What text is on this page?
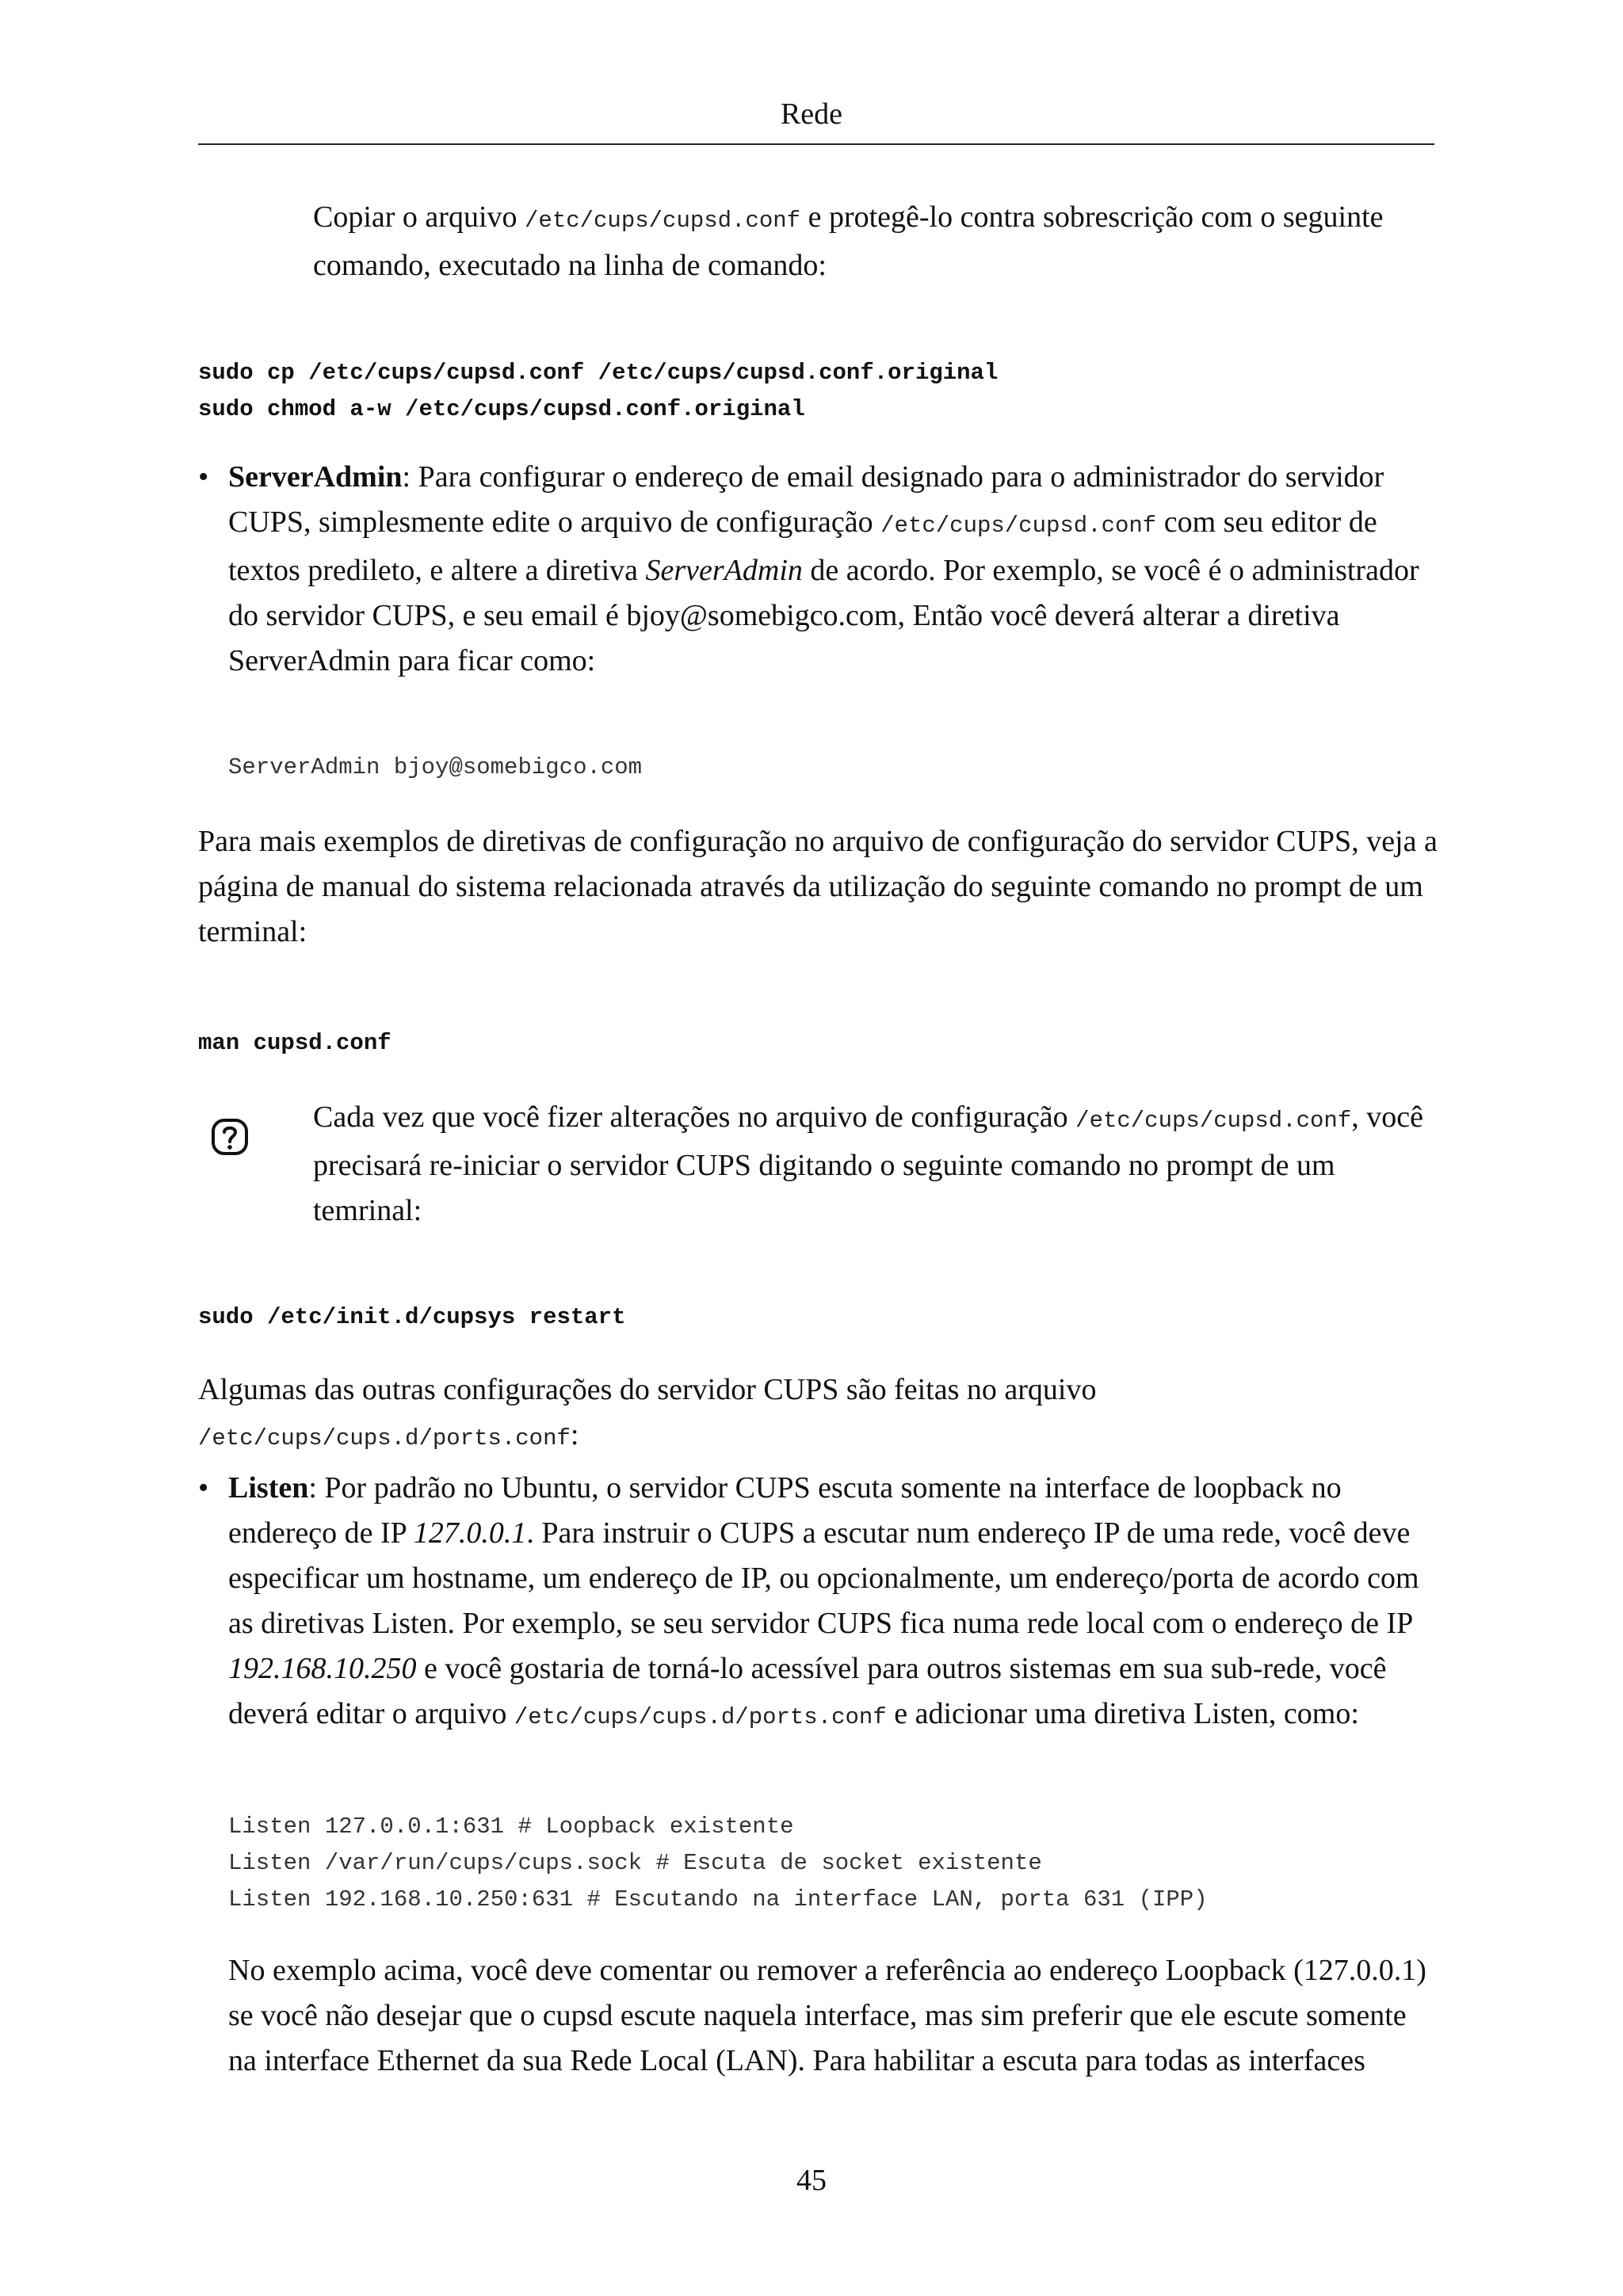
Rede
Copiar o arquivo /etc/cups/cupsd.conf e protegê-lo contra sobrescrição com o seguinte comando, executado na linha de comando:
sudo cp /etc/cups/cupsd.conf /etc/cups/cupsd.conf.original
sudo chmod a-w /etc/cups/cupsd.conf.original
• ServerAdmin: Para configurar o endereço de email designado para o administrador do servidor CUPS, simplesmente edite o arquivo de configuração /etc/cups/cupsd.conf com seu editor de textos predileto, e altere a diretiva ServerAdmin de acordo. Por exemplo, se você é o administrador do servidor CUPS, e seu email é bjoy@somebigco.com, Então você deverá alterar a diretiva ServerAdmin para ficar como:
ServerAdmin bjoy@somebigco.com
Para mais exemplos de diretivas de configuração no arquivo de configuração do servidor CUPS, veja a página de manual do sistema relacionada através da utilização do seguinte comando no prompt de um terminal:
man cupsd.conf
Cada vez que você fizer alterações no arquivo de configuração /etc/cups/cupsd.conf, você precisará re-iniciar o servidor CUPS digitando o seguinte comando no prompt de um temrinal:
sudo /etc/init.d/cupsys restart
Algumas das outras configurações do servidor CUPS são feitas no arquivo /etc/cups/cups.d/ports.conf:
• Listen: Por padrão no Ubuntu, o servidor CUPS escuta somente na interface de loopback no endereço de IP 127.0.0.1. Para instruir o CUPS a escutar num endereço IP de uma rede, você deve especificar um hostname, um endereço de IP, ou opcionalmente, um endereço/porta de acordo com as diretivas Listen. Por exemplo, se seu servidor CUPS fica numa rede local com o endereço de IP 192.168.10.250 e você gostaria de torná-lo acessível para outros sistemas em sua sub-rede, você deverá editar o arquivo /etc/cups/cups.d/ports.conf e adicionar uma diretiva Listen, como:
Listen 127.0.0.1:631 # Loopback existente
Listen /var/run/cups/cups.sock # Escuta de socket existente
Listen 192.168.10.250:631 # Escutando na interface LAN, porta 631 (IPP)
No exemplo acima, você deve comentar ou remover a referência ao endereço Loopback (127.0.0.1) se você não desejar que o cupsd escute naquela interface, mas sim preferir que ele escute somente na interface Ethernet da sua Rede Local (LAN). Para habilitar a escuta para todas as interfaces
45
